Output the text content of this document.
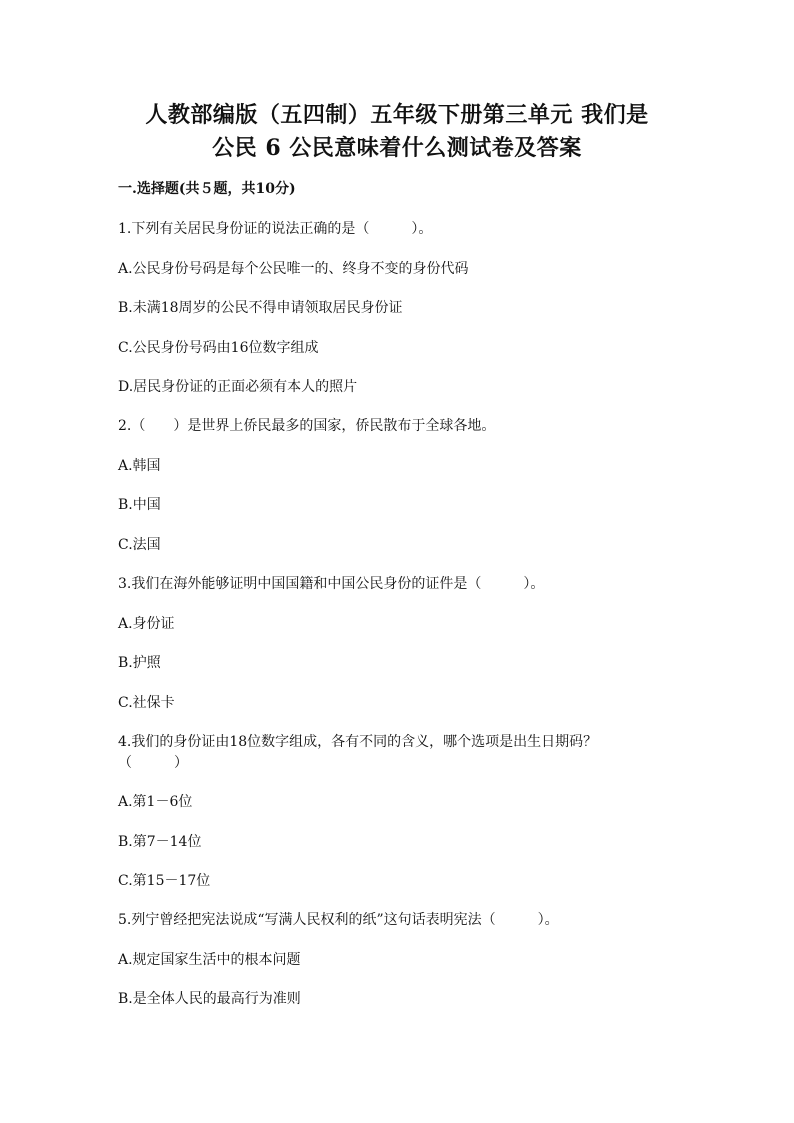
人教部编版（五四制）五年级下册第三单元 我们是
公民 6 公民意味着什么测试卷及答案
一.选择题(共５题，共10分)
1.下列有关居民身份证的说法正确的是（　　　）。
A.公民身份号码是每个公民唯一的、终身不变的身份代码
B.未满18周岁的公民不得申请领取居民身份证
C.公民身份号码由16位数字组成
D.居民身份证的正面必须有本人的照片
2.（　　）是世界上侨民最多的国家，侨民散布于全球各地。
A.韩国
B.中国
C.法国
3.我们在海外能够证明中国国籍和中国公民身份的证件是（　　　）。
A.身份证
B.护照
C.社保卡
4.我们的身份证由18位数字组成，各有不同的含义，哪个选项是出生日期码？
（　　　）
A.第1－6位
B.第7－14位
C.第15－17位
5.列宁曾经把宪法说成“写满人民权利的纸”这句话表明宪法（　　　）。
A.规定国家生活中的根本问题
B.是全体人民的最高行为准则
